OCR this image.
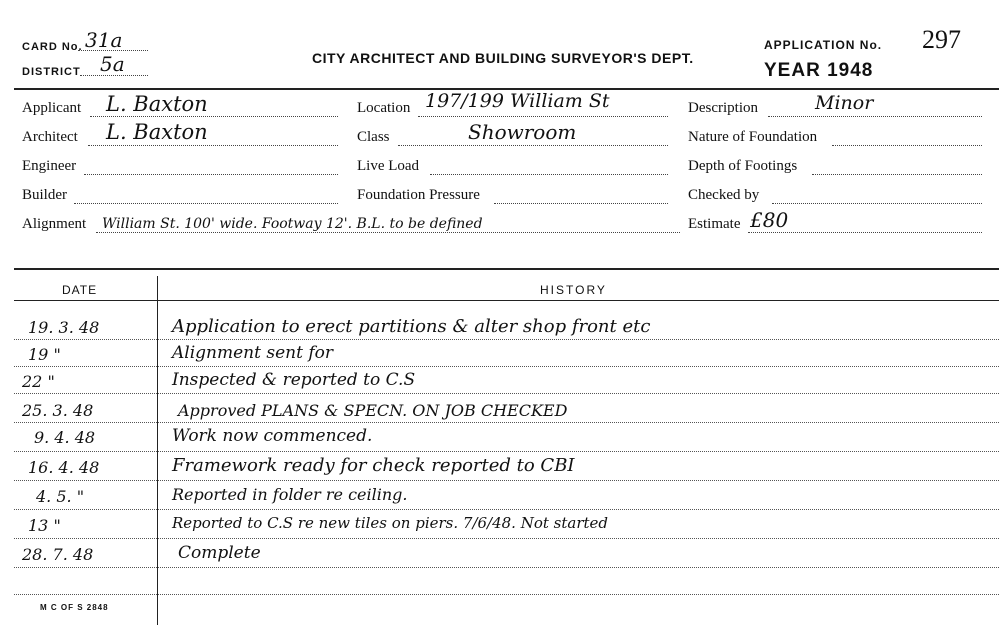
CARD No. 31a
DISTRICT 5a	CITY ARCHITECT AND BUILDING SURVEYOR'S DEPT.
APPLICATION No. 297
YEAR 1948
Applicant L. Baxton
Architect L. Baxton
Engineer
Builder
Alignment William St. 100' wide. Footway 12'. B.L. to be defined
Location 197/199 William St
Class	Showroom
Live Load
Foundation Pressure
Description	Minor
Nature of Foundation
Depth of Footings
Checked by
Estimate £80
DATE	HISTORY
19. 3. 48	Application to erect partitions & alter shop front etc
19 "	Alignment sent for
22 "	Inspected & reported to C.S
25. 3. 48	Approved PLANS & SPECN. ON JOB CHECKED
9. 4. 48	Work now commenced.
16. 4. 48	Framework ready for check reported to CBI
4. 5. "	Reported in folder re ceiling.
13 "	Reported to C.S re new tiles on piers. 7/6/48. Not started
28. 7. 48	Complete
M C OF S 2848
